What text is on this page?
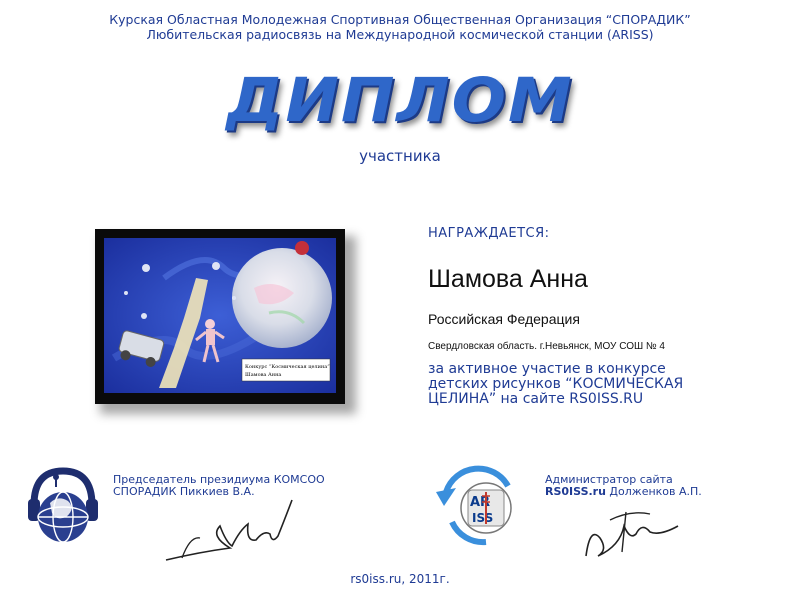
Курская Областная Молодежная Спортивная Общественная Организация “СПОРАДИК”
Любительская радиосвязь на Международной космической станции (ARISS)
ДИПЛОМ
участника
Конкурс “Космическая целина”
Шамова Анна
НАГРАЖДАЕТСЯ:
Шамова Анна
Российская Федерация
Свердловская область. г.Невьянск, МОУ СОШ № 4
за активное участие в конкурсе
детских рисунков “КОСМИЧЕСКАЯ
ЦЕЛИНА” на сайте RS0ISS.RU
AR
ISS
Председатель президиума КОМСОО
СПОРАДИК Пиккиев В.А.
Администратор сайта
RS0ISS.ru Долженков А.П.
rs0iss.ru, 2011г.
